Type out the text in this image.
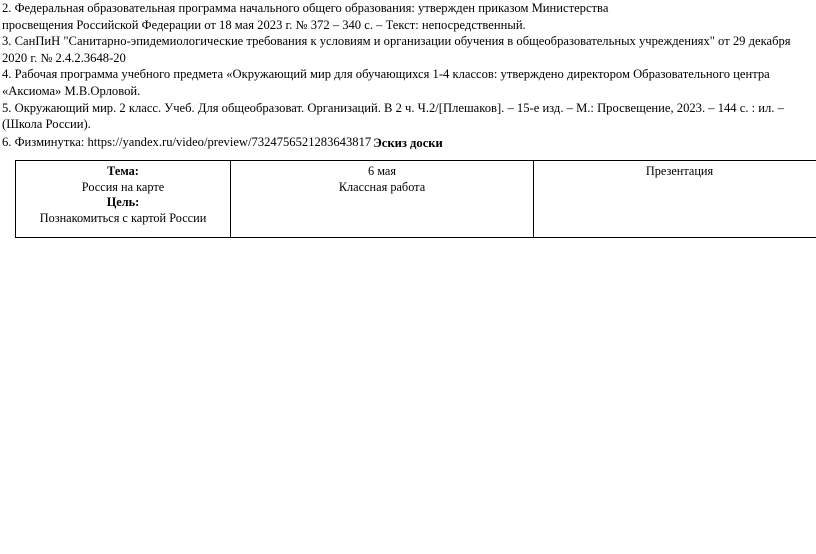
2. Федеральная образовательная программа начального общего образования: утвержден приказом Министерства
просвещения Российской Федерации от 18 мая 2023 г. № 372 – 340 с. – Текст: непосредственный.

3. СанПиН "Санитарно-эпидемиологические требования к условиям и организации обучения в общеобразовательных учреждениях" от 29 декабря 2020 г. № 2.4.2.3648-20

4. Рабочая программа учебного предмета «Окружающий мир для обучающихся 1-4 классов: утверждено директором Образовательного центра «Аксиома» М.В.Орловой.

5. Окружающий мир. 2 класс. Учеб. Для общеобразоват. Организаций. В 2 ч. Ч.2/[Плешаков]. – 15-е изд. – М.: Просвещение, 2023. – 144 с. : ил. – (Школа России).

6. Физминутка: https://yandex.ru/video/preview/7324756521283643817 Эскиз доски
Тема:
Россия на карте
Цель:
Познакомиться с картой России

6 мая
Классная работа

Презентация
